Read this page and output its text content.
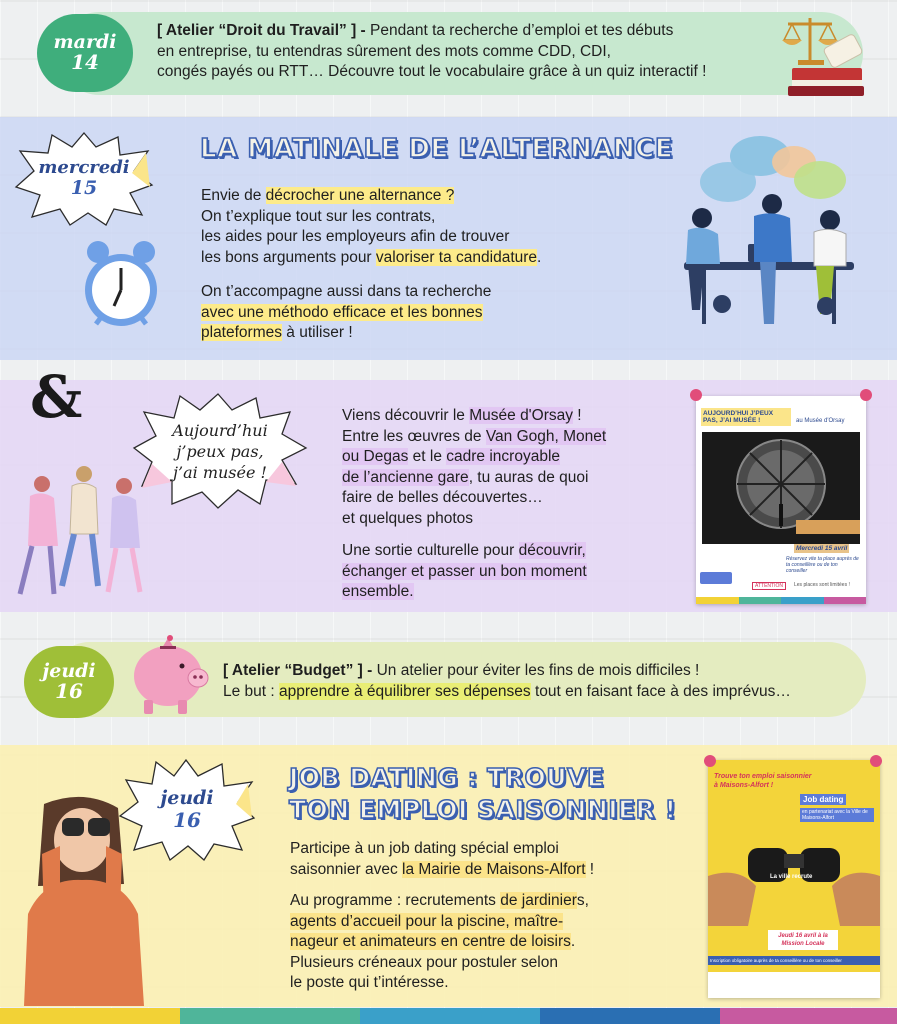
mardi
14
[ Atelier “Droit du Travail” ] - Pendant ta recherche d’emploi et tes débuts
en entreprise, tu entendras sûrement des mots comme CDD, CDI,
congés payés ou RTT… Découvre tout le vocabulaire grâce à un quiz interactif !
mercredi
15
LA MATINALE DE L’ALTERNANCE
Envie de décrocher une alternance ?
On t’explique tout sur les contrats,
les aides pour les employeurs afin de trouver
les bons arguments pour valoriser ta candidature.
On t’accompagne aussi dans ta recherche
avec une méthodo efficace et les bonnes
plateformes à utiliser !
&	Aujourd’hui
j’peux pas,
j’ai musée !
Viens découvrir le Musée d'Orsay !
Entre les œuvres de Van Gogh, Monet
ou Degas et le cadre incroyable
de l’ancienne gare, tu auras de quoi
faire de belles découvertes…
et quelques photos
Une sortie culturelle pour découvrir,
échanger et passer un bon moment
ensemble.
AUJOURD’HUI J’PEUX PAS, J’AI MUSÉE !	au Musée d'Orsay
Mercredi 15 avril
Réservez vite ta place auprès de ta conseillère ou de ton conseiller
ATTENTION	Les places sont limitées !
jeudi
16
[ Atelier “Budget” ] - Un atelier pour éviter les fins de mois difficiles !
Le but : apprendre à équilibrer ses dépenses tout en faisant face à des imprévus…
jeudi
16
JOB DATING : TROUVE
TON EMPLOI SAISONNIER !
Participe à un job dating spécial emploi
saisonnier avec la Mairie de Maisons-Alfort !
Au programme : recrutements de jardiniers,
agents d’accueil pour la piscine, maître-
nageur et animateurs en centre de loisirs.
Plusieurs créneaux pour postuler selon
le poste qui t’intéresse.
Trouve ton emploi saisonnier à Maisons-Alfort !
Job dating
en partenariat avec la Ville de Maisons-Alfort
La ville recrute
Jeudi 16 avril à la Mission Locale
Inscription obligatoire auprès de ta conseillère ou de ton conseiller
